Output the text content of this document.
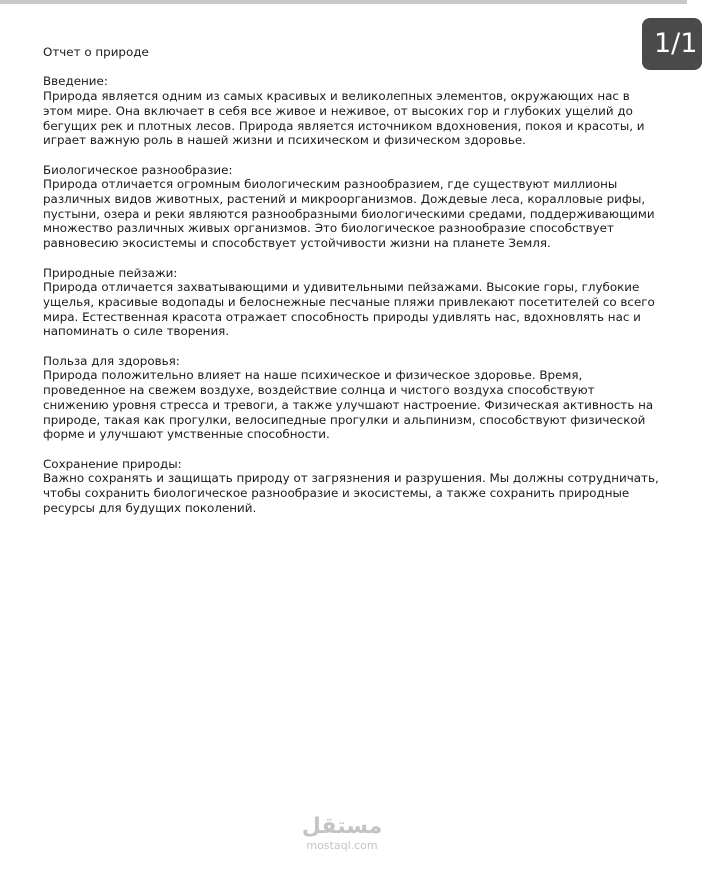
1/1

Отчет о природе

Введение:

Природа является одним из самых красивых и великолепных элементов, окружающих нас в этом мире. Она включает в себя все живое и неживое, от высоких гор и глубоких ущелий до бегущих рек и плотных лесов. Природа является источником вдохновения, покоя и красоты, и играет важную роль в нашей жизни и психическом и физическом здоровье.

Биологическое разнообразие:

Природа отличается огромным биологическим разнообразием, где существуют миллионы различных видов животных, растений и микроорганизмов. Дождевые леса, коралловые рифы, пустыни, озера и реки являются разнообразными биологическими средами, поддерживающими множество различных живых организмов. Это биологическое разнообразие способствует равновесию экосистемы и способствует устойчивости жизни на планете Земля.

Природные пейзажи:

Природа отличается захватывающими и удивительными пейзажами. Высокие горы, глубокие ущелья, красивые водопады и белоснежные песчаные пляжи привлекают посетителей со всего мира. Естественная красота отражает способность природы удивлять нас, вдохновлять нас и напоминать о силе творения.

Польза для здоровья:

Природа положительно влияет на наше психическое и физическое здоровье. Время, проведенное на свежем воздухе, воздействие солнца и чистого воздуха способствуют снижению уровня стресса и тревоги, а также улучшают настроение. Физическая активность на природе, такая как прогулки, велосипедные прогулки и альпинизм, способствуют физической форме и улучшают умственные способности.

Сохранение природы:

Важно сохранять и защищать природу от загрязнения и разрушения. Мы должны сотрудничать, чтобы сохранить биологическое разнообразие и экосистемы, а также сохранить природные ресурсы для будущих поколений.

مستقل
mostaql.com
